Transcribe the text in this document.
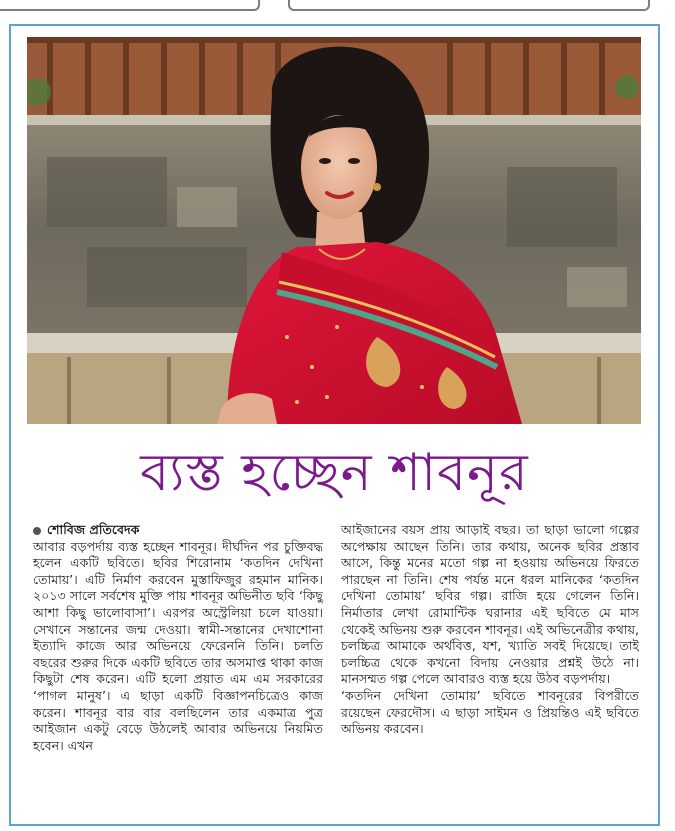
ব্যস্ত হচ্ছেন শাবনূর

শোবিজ প্রতিবেদক

আবার বড়পর্দায় ব্যস্ত হচ্ছেন শাবনূর। দীর্ঘদিন পর চুক্তিবদ্ধ হলেন একটি ছবিতে। ছবির শিরোনাম ‘কতদিন দেখিনা তোমায়’। এটি নির্মাণ করবেন মুস্তাফিজুর রহমান মানিক। ২০১৩ সালে সর্বশেষ মুক্তি পায় শাবনূর অভিনীত ছবি ‘কিছু আশা কিছু ভালোবাসা’। এরপর অস্ট্রেলিয়া চলে যাওয়া। সেখানে সন্তানের জন্ম দেওয়া। স্বামী-সন্তানের দেখাশোনা ইত্যাদি কাজে আর অভিনয়ে ফেরেননি তিনি। চলতি বছরের শুরুর দিকে একটি ছবিতে তার অসমাপ্ত থাকা কাজ কিছুটা শেষ করেন। এটি হলো প্রয়াত এম এম সরকারের ‘পাগল মানুষ’। এ ছাড়া একটি বিজ্ঞাপনচিত্রেও কাজ করেন। শাবনূর বার বার বলছিলেন তার একমাত্র পুত্র আইজান একটু বেড়ে উঠলেই আবার অভিনয়ে নিয়মিত হবেন। এখন

আইজানের বয়স প্রায় আড়াই বছর। তা ছাড়া ভালো গল্পের অপেক্ষায় আছেন তিনি। তার কথায়, অনেক ছবির প্রস্তাব আসে, কিন্তু মনের মতো গল্প না হওয়ায় অভিনয়ে ফিরতে পারছেন না তিনি। শেষ পর্যন্ত মনে ধরল মানিকের ‘কতদিন দেখিনা তোমায়’ ছবির গল্প। রাজি হয়ে গেলেন তিনি। নির্মাতার লেখা রোমান্টিক ঘরানার এই ছবিতে মে মাস থেকেই অভিনয় শুরু করবেন শাবনূর। এই অভিনেত্রীর কথায়, চলচ্চিত্র আমাকে অর্থবিত্ত, যশ, খ্যাতি সবই দিয়েছে। তাই চলচ্চিত্র থেকে কখনো বিদায় নেওয়ার প্রশ্নই উঠে না। মানসম্মত গল্প পেলে আবারও ব্যস্ত হয়ে উঠব বড়পর্দায়।

‘কতদিন দেখিনা তোমায়’ ছবিতে শাবনূরের বিপরীতে রয়েছেন ফেরদৌস। এ ছাড়া সাইমন ও প্রিয়ন্তিও এই ছবিতে অভিনয় করবেন।
